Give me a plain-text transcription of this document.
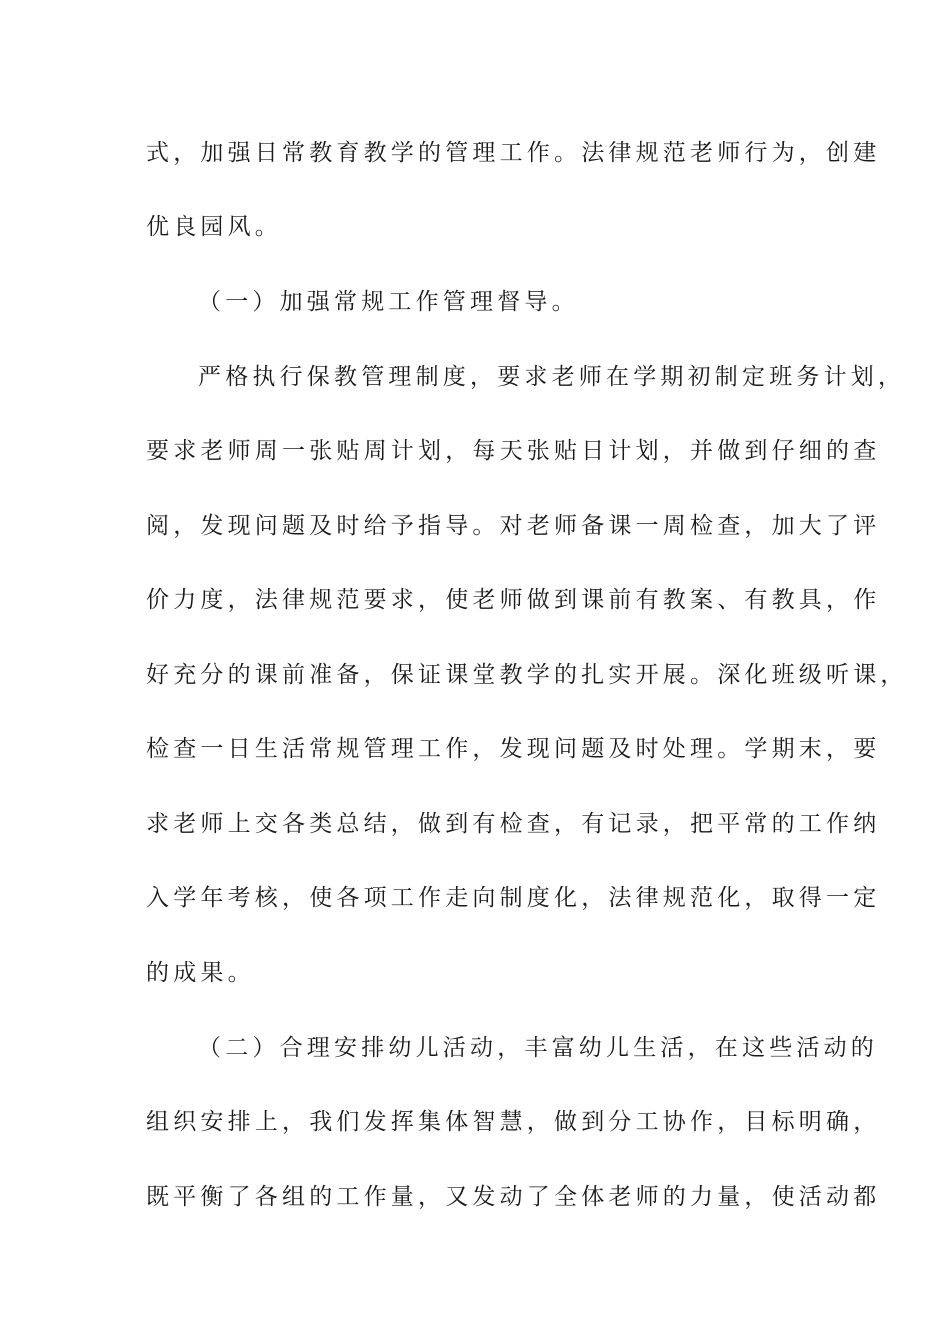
式，加强日常教育教学的管理工作。法律规范老师行为，创建
优良园风。
（一）加强常规工作管理督导。
严格执行保教管理制度，要求老师在学期初制定班务计划，
要求老师周一张贴周计划，每天张贴日计划，并做到仔细的查
阅，发现问题及时给予指导。对老师备课一周检查，加大了评
价力度，法律规范要求，使老师做到课前有教案、有教具，作
好充分的课前准备，保证课堂教学的扎实开展。深化班级听课，
检查一日生活常规管理工作，发现问题及时处理。学期末，要
求老师上交各类总结，做到有检查，有记录，把平常的工作纳
入学年考核，使各项工作走向制度化，法律规范化，取得一定
的成果。
（二）合理安排幼儿活动，丰富幼儿生活，在这些活动的
组织安排上，我们发挥集体智慧，做到分工协作，目标明确，
既平衡了各组的工作量，又发动了全体老师的力量，使活动都
